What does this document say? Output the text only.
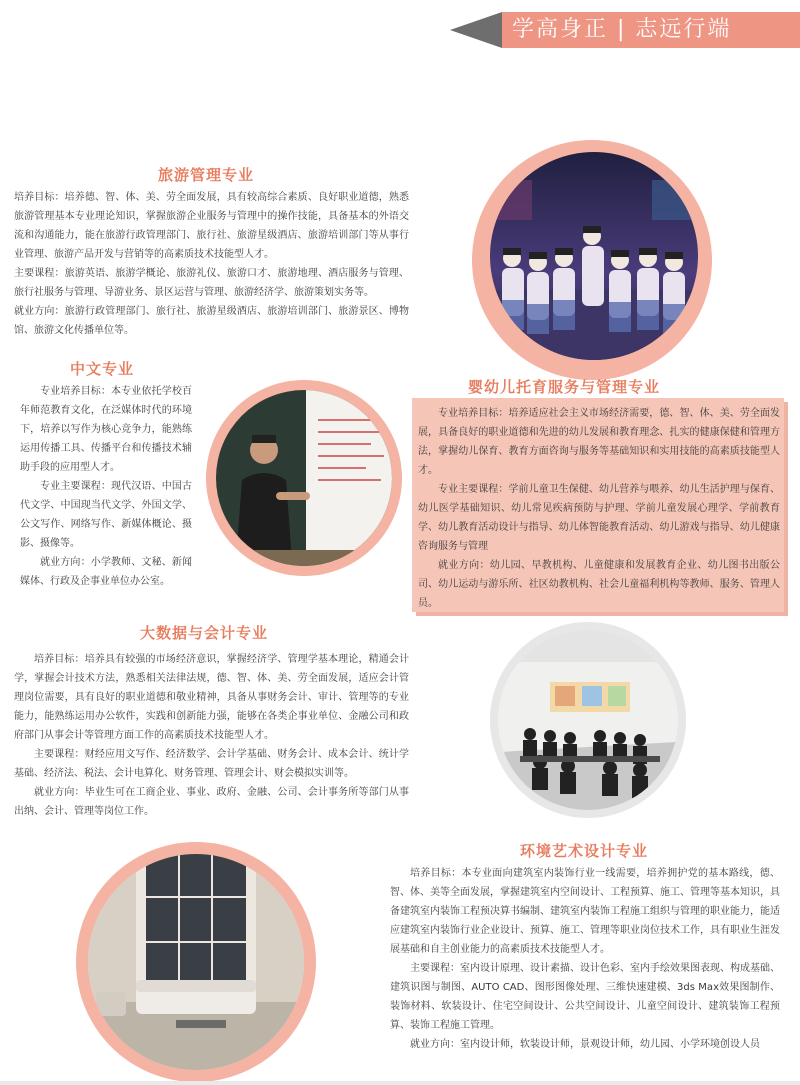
学高身正 | 志远行端
旅游管理专业

培养目标：培养德、智、体、美、劳全面发展，具有较高综合素质、良好职业道德，熟悉旅游管理基本专业理论知识，掌握旅游企业服务与管理中的操作技能，具备基本的外语交流和沟通能力，能在旅游行政管理部门、旅行社、旅游星级酒店、旅游培训部门等从事行业管理、旅游产品开发与营销等的高素质技术技能型人才。

主要课程：旅游英语、旅游学概论、旅游礼仪、旅游口才、旅游地理、酒店服务与管理、旅行社服务与管理、导游业务、景区运营与管理、旅游经济学、旅游策划实务等。

就业方向：旅游行政管理部门、旅行社、旅游星级酒店、旅游培训部门、旅游景区、博物馆、旅游文化传播单位等。

中文专业

专业培养目标：本专业依托学校百年师范教育文化，在泛媒体时代的环境下，培养以写作为核心竞争力，能熟练运用传播工具、传播平台和传播技术辅助手段的应用型人才。

专业主要课程：现代汉语、中国古代文学、中国现当代文学、外国文学、公文写作、网络写作、新媒体概论、摄影、摄像等。

就业方向：小学教师、文秘、新闻媒体、行政及企事业单位办公室。

婴幼儿托育服务与管理专业

专业培养目标：培养适应社会主义市场经济需要，德、智、体、美、劳全面发展，具备良好的职业道德和先进的幼儿发展和教育理念、扎实的健康保健和管理方法，掌握幼儿保育、教育方面咨询与服务等基础知识和实用技能的高素质技能型人才。

专业主要课程：学前儿童卫生保健、幼儿营养与喂养、幼儿生活护理与保育、幼儿医学基础知识、幼儿常见疾病预防与护理、学前儿童发展心理学、学前教育学、幼儿教育活动设计与指导、幼儿体智能教育活动、幼儿游戏与指导、幼儿健康咨询服务与管理

就业方向：幼儿园、早教机构、儿童健康和发展教育企业、幼儿图书出版公司、幼儿运动与游乐所、社区幼教机构、社会儿童福利机构等教师、服务、管理人员。

大数据与会计专业

培养目标：培养具有较强的市场经济意识，掌握经济学、管理学基本理论，精通会计学，掌握会计技术方法，熟悉相关法律法规，德、智、体、美、劳全面发展，适应会计管理岗位需要，具有良好的职业道德和敬业精神，具备从事财务会计、审计、管理等的专业能力，能熟练运用办公软件，实践和创新能力强，能够在各类企事业单位、金融公司和政府部门从事会计等管理方面工作的高素质技术技能型人才。

主要课程：财经应用文写作、经济数学、会计学基础、财务会计、成本会计、统计学基础、经济法、税法、会计电算化、财务管理、管理会计、财会模拟实训等。

就业方向：毕业生可在工商企业、事业、政府、金融、公司、会计事务所等部门从事出纳、会计、管理等岗位工作。

环境艺术设计专业

培养目标：本专业面向建筑室内装饰行业一线需要，培养拥护党的基本路线，德、智、体、美等全面发展，掌握建筑室内空间设计、工程预算、施工、管理等基本知识，具备建筑室内装饰工程预决算书编制、建筑室内装饰工程施工组织与管理的职业能力，能适应建筑室内装饰行业企业设计、预算、施工、管理等职业岗位技术工作，具有职业生涯发展基础和自主创业能力的高素质技术技能型人才。

主要课程：室内设计原理、设计素描、设计色彩、室内手绘效果图表现、构成基础、建筑识图与制图、AUTO CAD、图形图像处理、三维快速建模、3ds Max效果图制作、装饰材料、软装设计、住宅空间设计、公共空间设计、儿童空间设计、建筑装饰工程预算、装饰工程施工管理。

就业方向：室内设计师，软装设计师，景观设计师，幼儿园、小学环境创设人员
